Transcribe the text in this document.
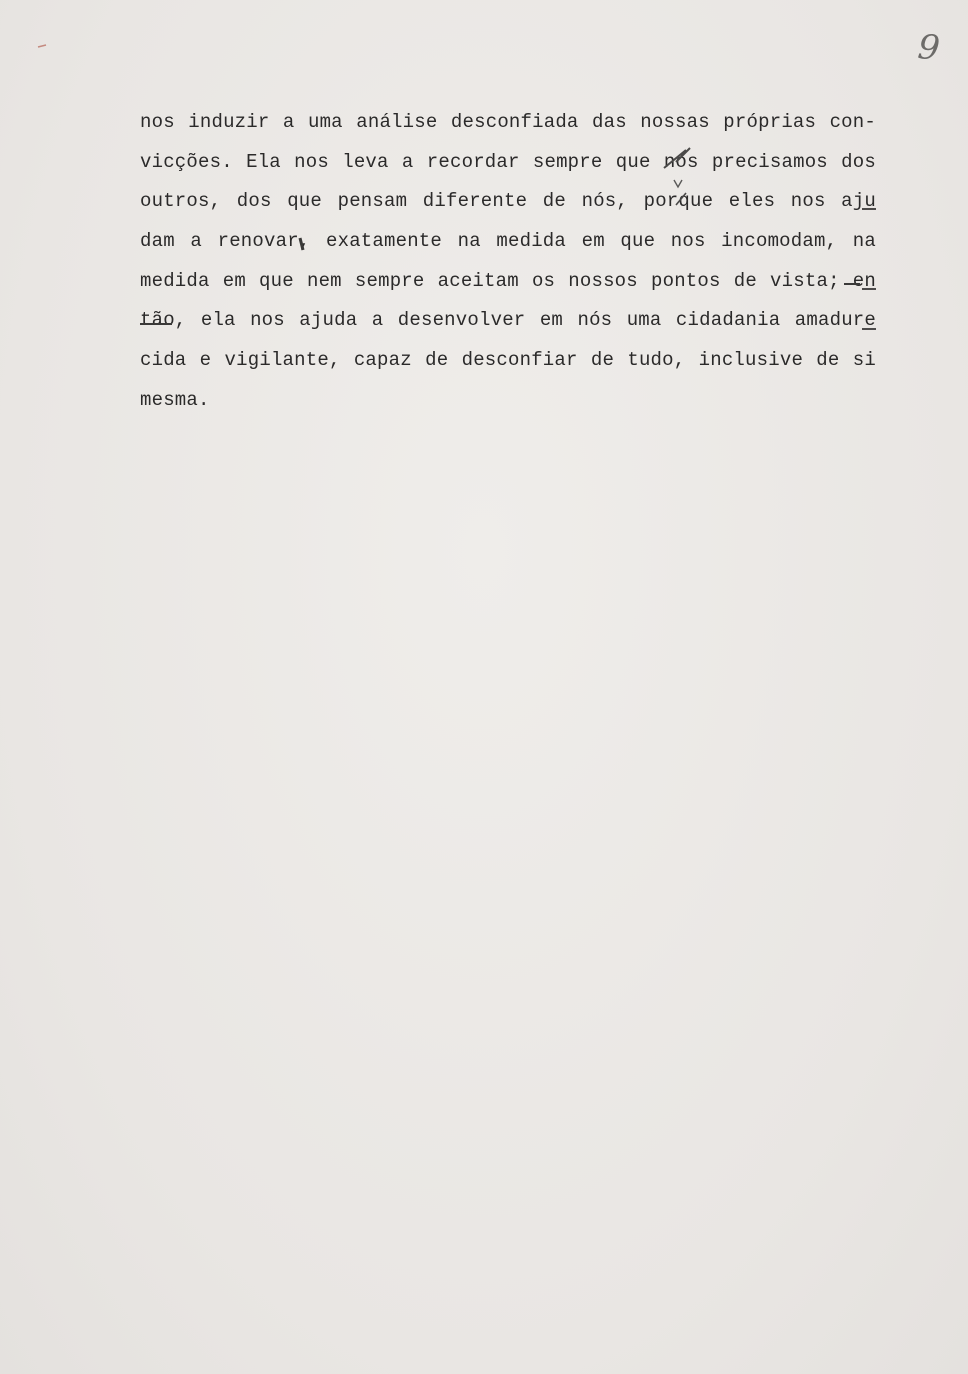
9
nos induzir a uma análise desconfiada das nossas próprias con-
vicções. Ela nos leva a recordar sempre que nós precisamos dos
outros, dos que pensam diferente de nós, porque eles nos aju
dam a renovar, exatamente na medida em que nos incomodam, na
medida em que nem sempre aceitam os nossos pontos de vista; en
tão, ela nos ajuda a desenvolver em nós uma cidadania amadure
cida e vigilante, capaz de desconfiar de tudo, inclusive de si
mesma.
